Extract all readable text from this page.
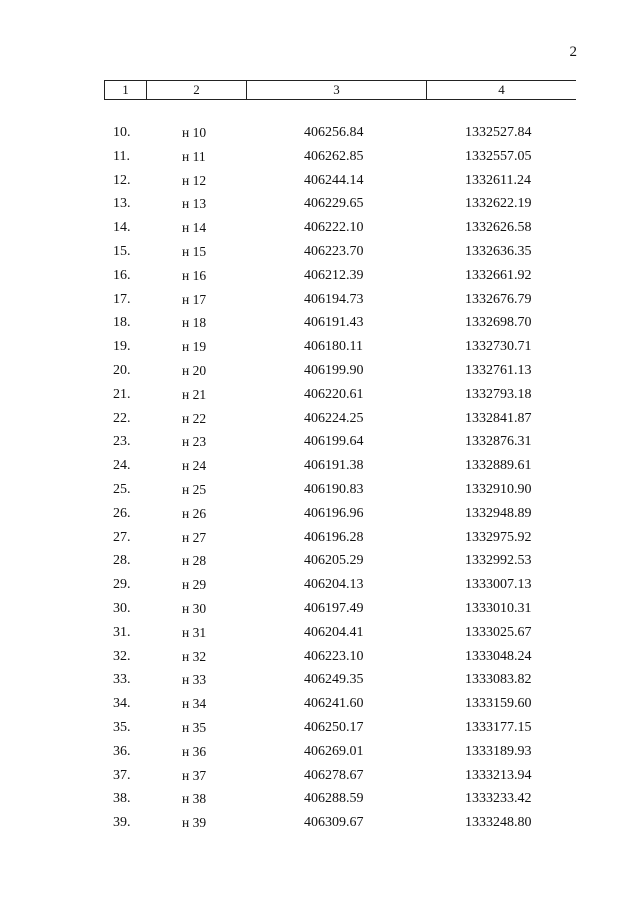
2
1	2	3	4
10.	н 10	406256.84	1332527.84
11.	н 11	406262.85	1332557.05
12.	н 12	406244.14	1332611.24
13.	н 13	406229.65	1332622.19
14.	н 14	406222.10	1332626.58
15.	н 15	406223.70	1332636.35
16.	н 16	406212.39	1332661.92
17.	н 17	406194.73	1332676.79
18.	н 18	406191.43	1332698.70
19.	н 19	406180.11	1332730.71
20.	н 20	406199.90	1332761.13
21.	н 21	406220.61	1332793.18
22.	н 22	406224.25	1332841.87
23.	н 23	406199.64	1332876.31
24.	н 24	406191.38	1332889.61
25.	н 25	406190.83	1332910.90
26.	н 26	406196.96	1332948.89
27.	н 27	406196.28	1332975.92
28.	н 28	406205.29	1332992.53
29.	н 29	406204.13	1333007.13
30.	н 30	406197.49	1333010.31
31.	н 31	406204.41	1333025.67
32.	н 32	406223.10	1333048.24
33.	н 33	406249.35	1333083.82
34.	н 34	406241.60	1333159.60
35.	н 35	406250.17	1333177.15
36.	н 36	406269.01	1333189.93
37.	н 37	406278.67	1333213.94
38.	н 38	406288.59	1333233.42
39.	н 39	406309.67	1333248.80
